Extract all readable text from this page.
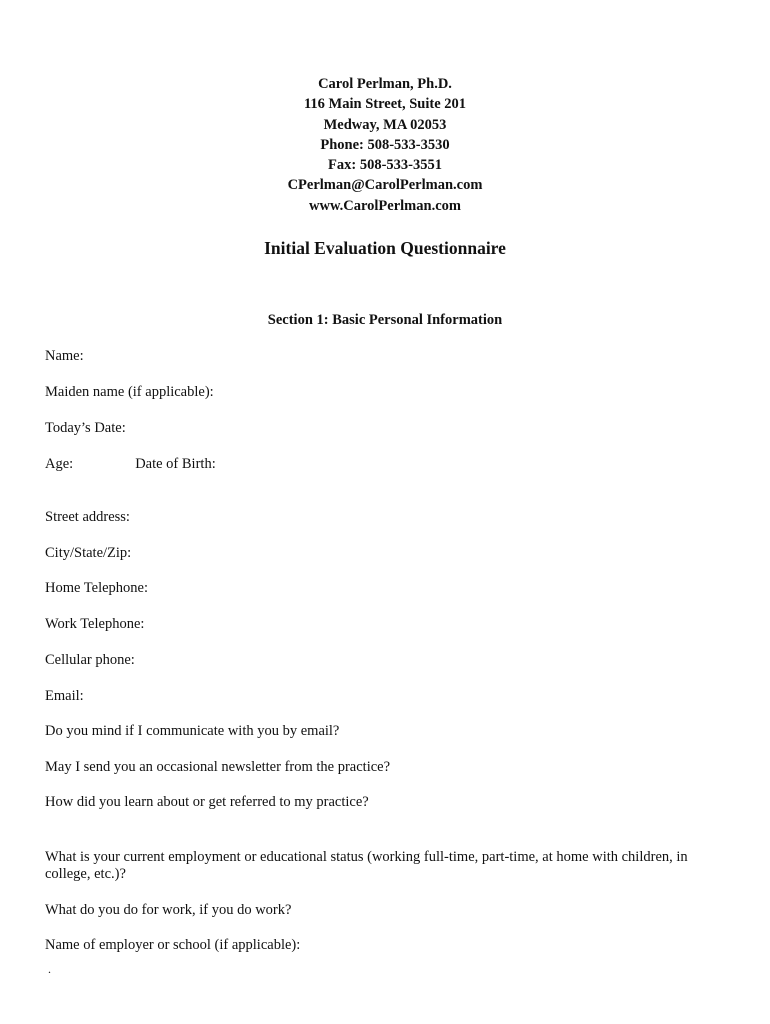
Carol Perlman, Ph.D.
116 Main Street, Suite 201
Medway, MA 02053
Phone: 508-533-3530
Fax: 508-533-3551
CPerlman@CarolPerlman.com
www.CarolPerlman.com
Initial Evaluation Questionnaire
Section 1: Basic Personal Information
Name:
Maiden name (if applicable):
Today’s Date:
Age:	Date of Birth:
Street address:
City/State/Zip:
Home Telephone:
Work Telephone:
Cellular phone:
Email:
Do you mind if I communicate with you by email?
May I send you an occasional newsletter from the practice?
How did you learn about or get referred to my practice?
What is your current employment or educational status (working full-time, part-time, at home with children, in college, etc.)?
What do you do for work, if you do work?
Name of employer or school (if applicable):
.
